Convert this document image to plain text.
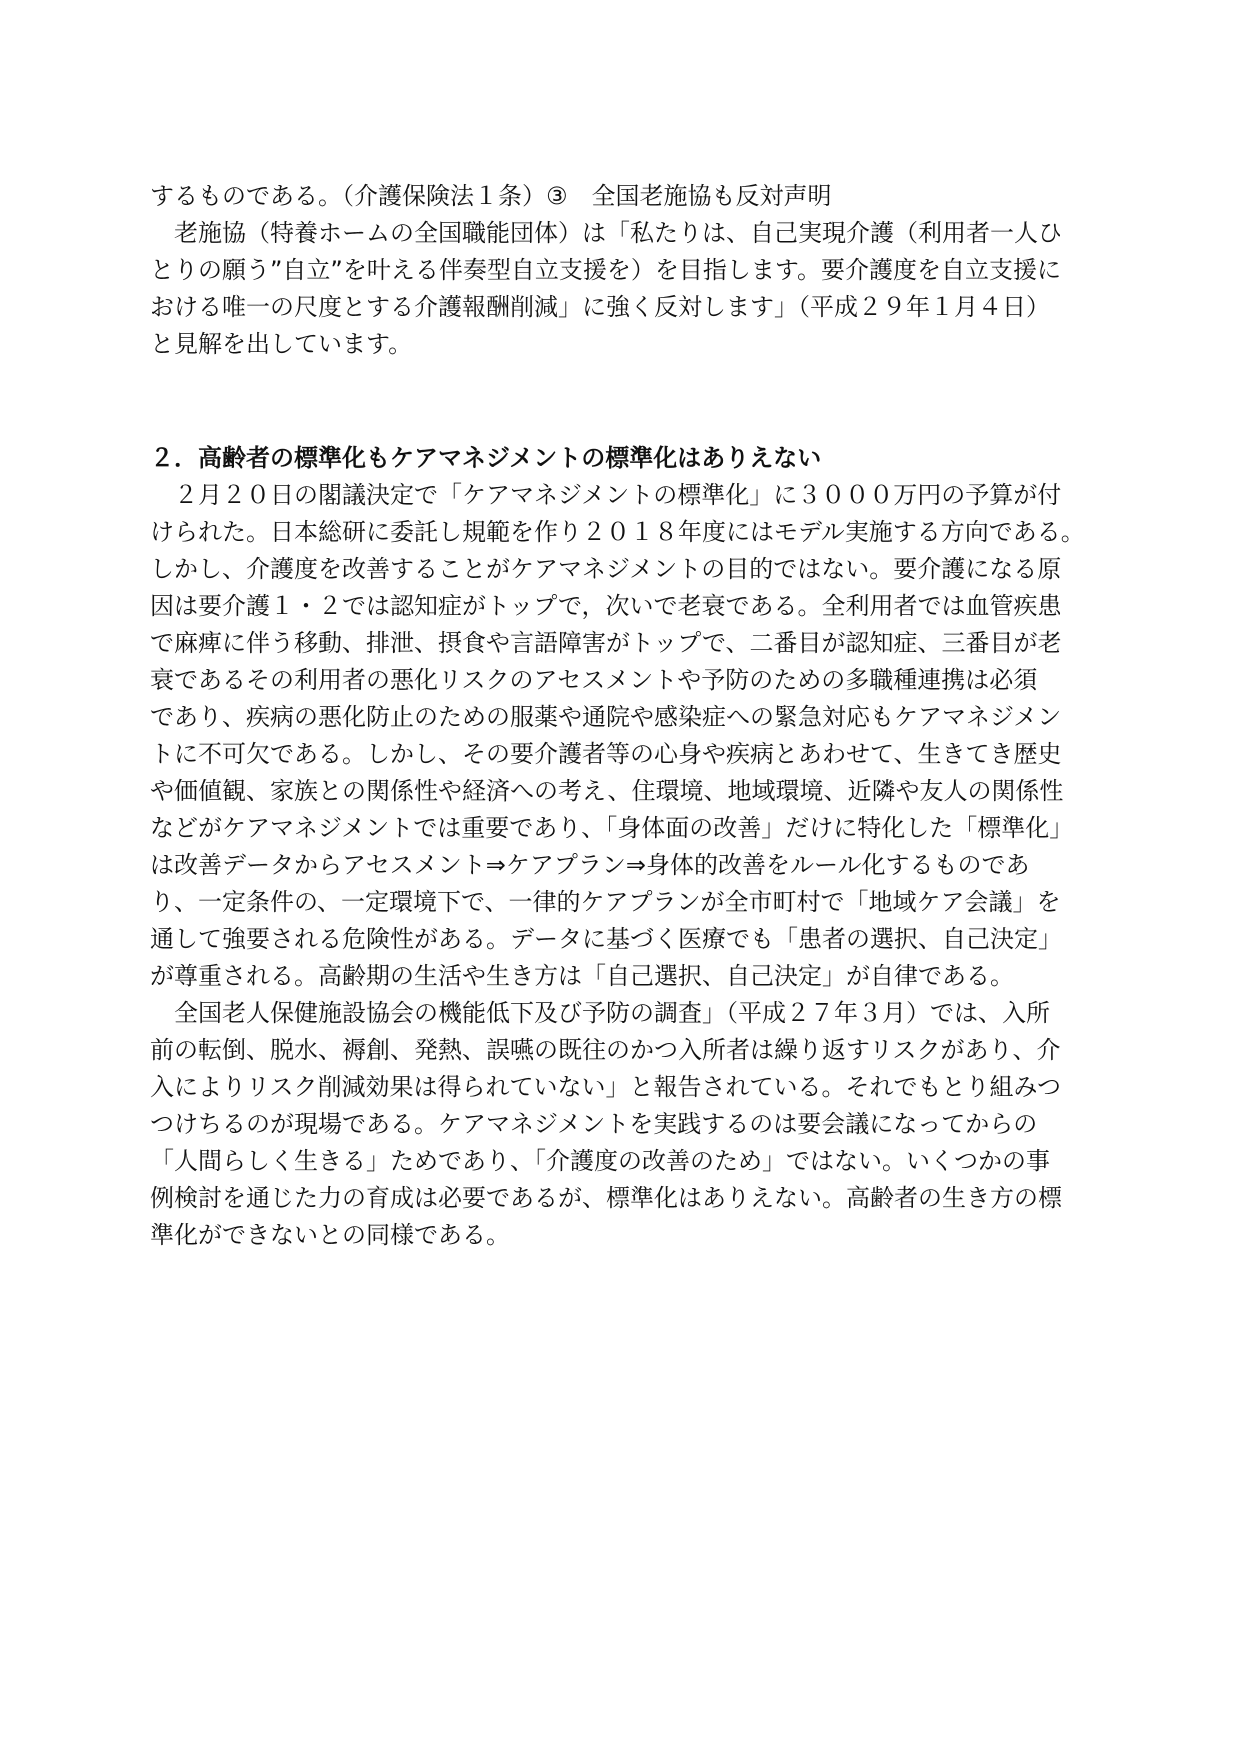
するものである。（介護保険法１条）③　全国老施協も反対声明
　老施協（特養ホームの全国職能団体）は「私たりは、自己実現介護（利用者一人ひ
とりの願う”自立”を叶える伴奏型自立支援を）を目指します。要介護度を自立支援に
おける唯一の尺度とする介護報酬削減」に強く反対します」（平成２９年１月４日）
と見解を出しています。
２．高齢者の標準化もケアマネジメントの標準化はありえない
　２月２０日の閣議決定で「ケアマネジメントの標準化」に３０００万円の予算が付
けられた。日本総研に委託し規範を作り２０１８年度にはモデル実施する方向である。
しかし、介護度を改善することがケアマネジメントの目的ではない。要介護になる原
因は要介護１・２では認知症がトップで，次いで老衰である。全利用者では血管疾患
で麻痺に伴う移動、排泄、摂食や言語障害がトップで、二番目が認知症、三番目が老
衰であるその利用者の悪化リスクのアセスメントや予防のための多職種連携は必須
であり、疾病の悪化防止のための服薬や通院や感染症への緊急対応もケアマネジメン
トに不可欠である。しかし、その要介護者等の心身や疾病とあわせて、生きてき歴史
や価値観、家族との関係性や経済への考え、住環境、地域環境、近隣や友人の関係性
などがケアマネジメントでは重要であり、「身体面の改善」だけに特化した「標準化」
は改善データからアセスメント⇒ケアプラン⇒身体的改善をルール化するものであ
り、一定条件の、一定環境下で、一律的ケアプランが全市町村で「地域ケア会議」を
通して強要される危険性がある。データに基づく医療でも「患者の選択、自己決定」
が尊重される。高齢期の生活や生き方は「自己選択、自己決定」が自律である。
　全国老人保健施設協会の機能低下及び予防の調査」（平成２７年３月）では、入所
前の転倒、脱水、褥創、発熱、誤嚥の既往のかつ入所者は繰り返すリスクがあり、介
入によりリスク削減効果は得られていない」と報告されている。それでもとり組みつ
つけちるのが現場である。ケアマネジメントを実践するのは要会議になってからの
「人間らしく生きる」ためであり、「介護度の改善のため」ではない。いくつかの事
例検討を通じた力の育成は必要であるが、標準化はありえない。高齢者の生き方の標
準化ができないとの同様である。
